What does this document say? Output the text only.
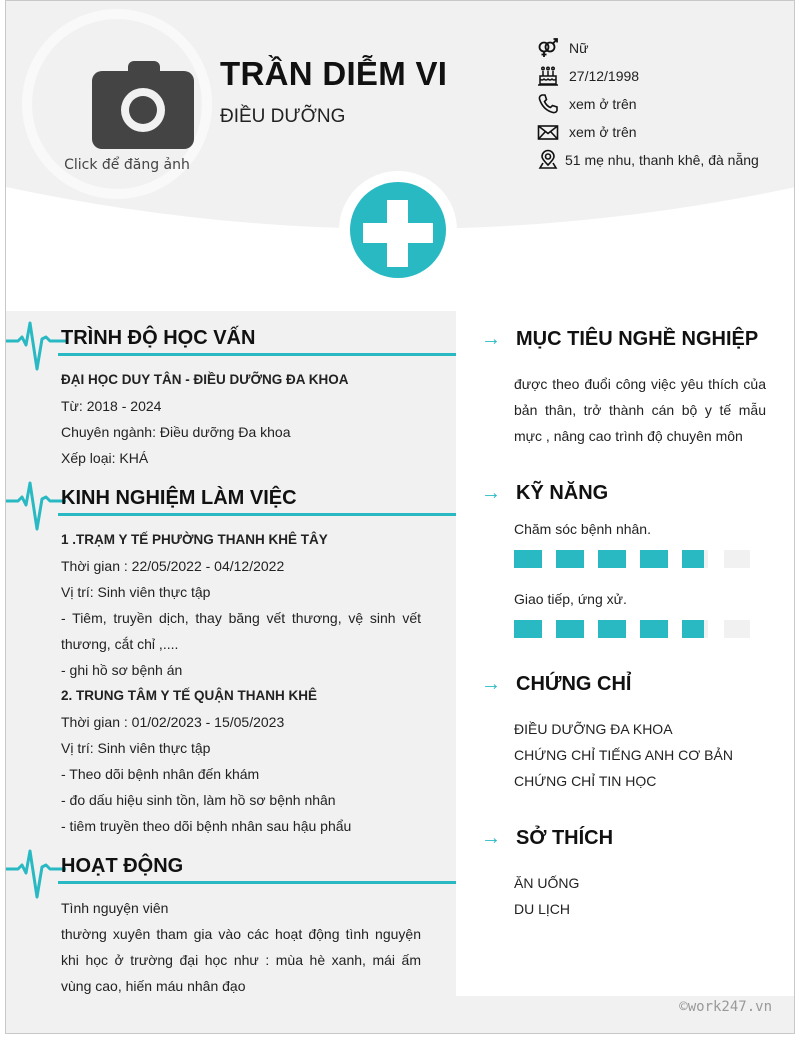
Click để đăng ảnh
TRẦN DIỄM VI
ĐIỀU DƯỠNG
Nữ
27/12/1998
xem ở trên
xem ở trên
51 mẹ nhu, thanh khê, đà nẵng
TRÌNH ĐỘ HỌC VẤN
ĐẠI HỌC DUY TÂN - ĐIỀU DƯỠNG ĐA KHOA
Từ: 2018 - 2024
Chuyên ngành: Điều dưỡng Đa khoa
Xếp loại: KHÁ
KINH NGHIỆM LÀM VIỆC
1 .TRẠM Y TẾ PHƯỜNG THANH KHÊ TÂY
Thời gian : 22/05/2022 - 04/12/2022
Vị trí: Sinh viên thực tập
- Tiêm, truyền dịch, thay băng vết thương, vệ sinh vết thương, cắt chỉ ,....
- ghi hồ sơ bệnh án
2. TRUNG TÂM Y TẾ QUẬN THANH KHÊ
Thời gian : 01/02/2023 - 15/05/2023
Vị trí: Sinh viên thực tập
- Theo dõi bệnh nhân đến khám
- đo dấu hiệu sinh tồn, làm hồ sơ bệnh nhân
- tiêm truyền theo dõi bệnh nhân sau hậu phẩu
HOẠT ĐỘNG
Tình nguyện viên
thường xuyên tham gia vào các hoạt động tình nguyện khi học ở trường đại học như : mùa hè xanh, mái ấm vùng cao, hiến máu nhân đạo
→ MỤC TIÊU NGHỀ NGHIỆP
được theo đuổi công việc yêu thích của bản thân, trở thành cán bộ y tế mẫu mực , nâng cao trình độ chuyên môn
→ KỸ NĂNG
Chăm sóc bệnh nhân.
Giao tiếp, ứng xử.
→ CHỨNG CHỈ
ĐIỀU DƯỠNG ĐA KHOA
CHỨNG CHỈ TIẾNG ANH CƠ BẢN
CHỨNG CHỈ TIN HỌC
→ SỞ THÍCH
ĂN UỐNG
DU LỊCH
©work247.vn
